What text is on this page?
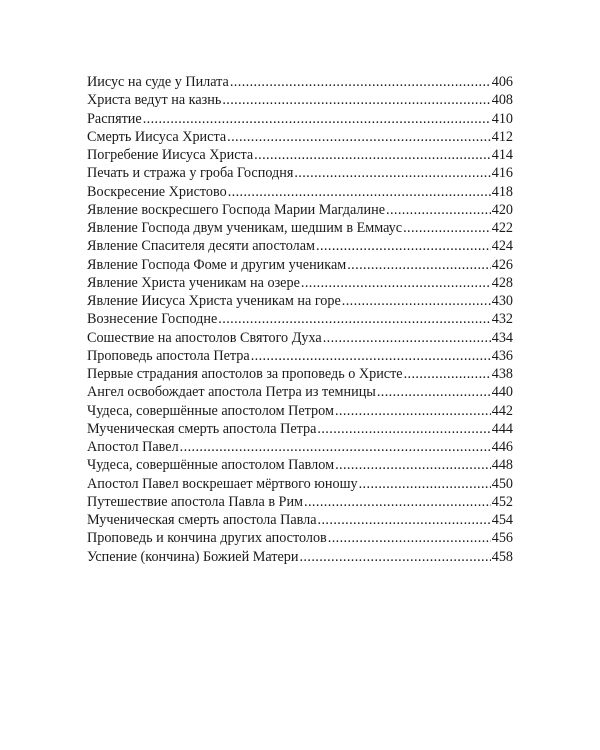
Иисус на суде у Пилата .....	406
Христа ведут на казнь .....	408
Распятие .....	410
Смерть Иисуса Христа .....	412
Погребение Иисуса Христа .....	414
Печать и стража у гроба Господня .....	416
Воскресение Христово .....	418
Явление воскресшего Господа Марии Магдалине .....	420
Явление Господа двум ученикам, шедшим в Еммаус .....	422
Явление Спасителя десяти апостолам .....	424
Явление Господа Фоме и другим ученикам .....	426
Явление Христа ученикам на озере .....	428
Явление Иисуса Христа ученикам на горе .....	430
Вознесение Господне .....	432
Сошествие на апостолов Святого Духа .....	434
Проповедь апостола Петра .....	436
Первые страдания апостолов за проповедь о Христе .....	438
Ангел освобождает апостола Петра из темницы .....	440
Чудеса, совершённые апостолом Петром .....	442
Мученическая смерть апостола Петра .....	444
Апостол Павел .....	446
Чудеса, совершённые апостолом Павлом .....	448
Апостол Павел воскрешает мёртвого юношу .....	450
Путешествие апостола Павла в Рим .....	452
Мученическая смерть апостола Павла .....	454
Проповедь и кончина других апостолов .....	456
Успение (кончина) Божией Матери .....	458
